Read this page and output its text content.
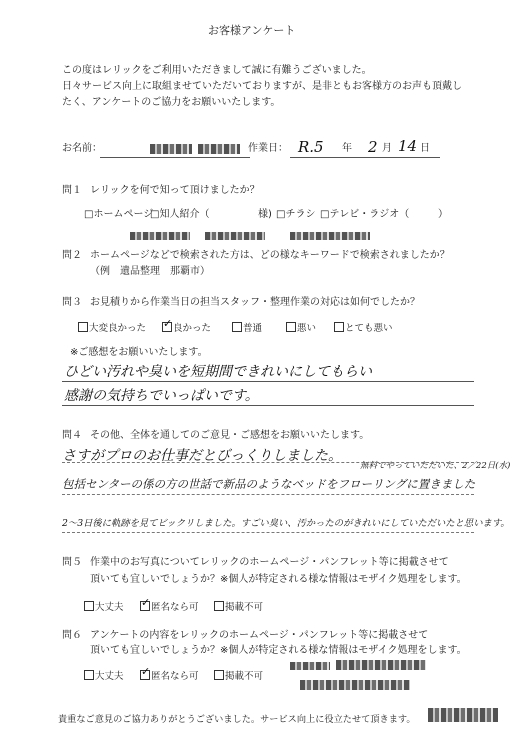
お客様アンケート
この度はレリックをご利用いただきまして誠に有難うございました。
日々サービス向上に取組ませていただいておりますが、是非ともお客様方のお声も頂戴し
たく、アンケートのご協力をお願いいたします。
お名前：	作業日： R.5 年 2 月 14 日
問１ レリックを何で知って頂けましたか？
□ホームページ
□知人紹介（	様) □チラシ □テレビ・ラジオ（	）
問２ ホームページなどで検索された方は、どの様なキーワードで検索されましたか？
（例　遺品整理　那覇市）
問３ お見積りから作業当日の担当スタッフ・整理作業の対応は如何でしたか？
大変良かった ✓	良かった	普通	悪い	とても悪い
※ご感想をお願いいたします。
ひどい汚れや臭いを短期間できれいにしてもらい
感謝の気持ちでいっぱいです。
問４ その他、全体を通してのご意見・ご感想をお願いいたします。
さすがプロのお仕事だとびっくりしました。
無料でやっていただいた、2／22日(水)
包括センターの係の方の世話で新品のようなベッドをフローリングに置きました
2〜3日後に軌跡を見てビックリしました。すごい臭い、汚かったのがきれいにしていただいたと思います。
問５ 作業中のお写真についてレリックのホームページ・パンフレット等に掲載させて
頂いても宜しいでしょうか？※個人が特定される様な情報はモザイク処理をします。
大丈夫 ✓	匿名なら可	掲載不可
問６ アンケートの内容をレリックのホームページ・パンフレット等に掲載させて
頂いても宜しいでしょうか？※個人が特定される様な情報はモザイク処理をします。
大丈夫 ✓	匿名なら可	掲載不可
貴重なご意見のご協力ありがとうございました。サービス向上に役立たせて頂きます。
